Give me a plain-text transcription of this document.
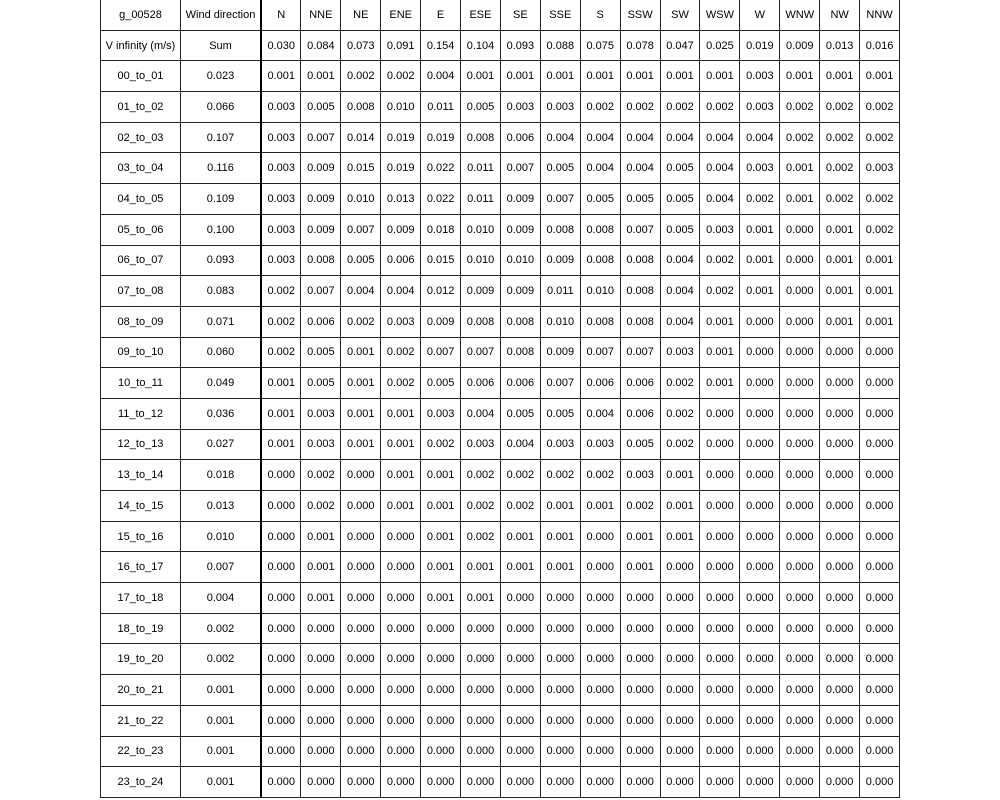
g_00528	Wind direction	N	NNE	NE	ENE	E	ESE	SE	SSE	S	SSW	SW	WSW	W	WNW	NW	NNW
V infinity (m/s)	Sum	0.030	0.084	0.073	0.091	0.154	0.104	0.093	0.088	0.075	0.078	0.047	0.025	0.019	0.009	0.013	0.016
00_to_01	0.023	0.001	0.001	0.002	0.002	0.004	0.001	0.001	0.001	0.001	0.001	0.001	0.001	0.003	0.001	0.001	0.001
01_to_02	0.066	0.003	0.005	0.008	0.010	0.011	0.005	0.003	0.003	0.002	0.002	0.002	0.002	0.003	0.002	0.002	0.002
02_to_03	0.107	0.003	0.007	0.014	0.019	0.019	0.008	0.006	0.004	0.004	0.004	0.004	0.004	0.004	0.002	0.002	0.002
03_to_04	0.116	0.003	0.009	0.015	0.019	0.022	0.011	0.007	0.005	0.004	0.004	0.005	0.004	0.003	0.001	0.002	0.003
04_to_05	0.109	0.003	0.009	0.010	0.013	0.022	0.011	0.009	0.007	0.005	0.005	0.005	0.004	0.002	0.001	0.002	0.002
05_to_06	0.100	0.003	0.009	0.007	0.009	0.018	0.010	0.009	0.008	0.008	0.007	0.005	0.003	0.001	0.000	0.001	0.002
06_to_07	0.093	0.003	0.008	0.005	0.006	0.015	0.010	0.010	0.009	0.008	0.008	0.004	0.002	0.001	0.000	0.001	0.001
07_to_08	0.083	0.002	0.007	0.004	0.004	0.012	0.009	0.009	0.011	0.010	0.008	0.004	0.002	0.001	0.000	0.001	0.001
08_to_09	0.071	0.002	0.006	0.002	0.003	0.009	0.008	0.008	0.010	0.008	0.008	0.004	0.001	0.000	0.000	0.001	0.001
09_to_10	0.060	0.002	0.005	0.001	0.002	0.007	0.007	0.008	0.009	0.007	0.007	0.003	0.001	0.000	0.000	0.000	0.000
10_to_11	0.049	0.001	0.005	0.001	0.002	0.005	0.006	0.006	0.007	0.006	0.006	0.002	0.001	0.000	0.000	0.000	0.000
11_to_12	0.036	0.001	0.003	0.001	0.001	0.003	0.004	0.005	0.005	0.004	0.006	0.002	0.000	0.000	0.000	0.000	0.000
12_to_13	0.027	0.001	0.003	0.001	0.001	0.002	0.003	0.004	0.003	0.003	0.005	0.002	0.000	0.000	0.000	0.000	0.000
13_to_14	0.018	0.000	0.002	0.000	0.001	0.001	0.002	0.002	0.002	0.002	0.003	0.001	0.000	0.000	0.000	0.000	0.000
14_to_15	0.013	0.000	0.002	0.000	0.001	0.001	0.002	0.002	0.001	0.001	0.002	0.001	0.000	0.000	0.000	0.000	0.000
15_to_16	0.010	0.000	0.001	0.000	0.000	0.001	0.002	0.001	0.001	0.000	0.001	0.001	0.000	0.000	0.000	0.000	0.000
16_to_17	0.007	0.000	0.001	0.000	0.000	0.001	0.001	0.001	0.001	0.000	0.001	0.000	0.000	0.000	0.000	0.000	0.000
17_to_18	0.004	0.000	0.001	0.000	0.000	0.001	0.001	0.000	0.000	0.000	0.000	0.000	0.000	0.000	0.000	0.000	0.000
18_to_19	0.002	0.000	0.000	0.000	0.000	0.000	0.000	0.000	0.000	0.000	0.000	0.000	0.000	0.000	0.000	0.000	0.000
19_to_20	0.002	0.000	0.000	0.000	0.000	0.000	0.000	0.000	0.000	0.000	0.000	0.000	0.000	0.000	0.000	0.000	0.000
20_to_21	0.001	0.000	0.000	0.000	0.000	0.000	0.000	0.000	0.000	0.000	0.000	0.000	0.000	0.000	0.000	0.000	0.000
21_to_22	0.001	0.000	0.000	0.000	0.000	0.000	0.000	0.000	0.000	0.000	0.000	0.000	0.000	0.000	0.000	0.000	0.000
22_to_23	0.001	0.000	0.000	0.000	0.000	0.000	0.000	0.000	0.000	0.000	0.000	0.000	0.000	0.000	0.000	0.000	0.000
23_to_24	0.001	0.000	0.000	0.000	0.000	0.000	0.000	0.000	0.000	0.000	0.000	0.000	0.000	0.000	0.000	0.000	0.000
